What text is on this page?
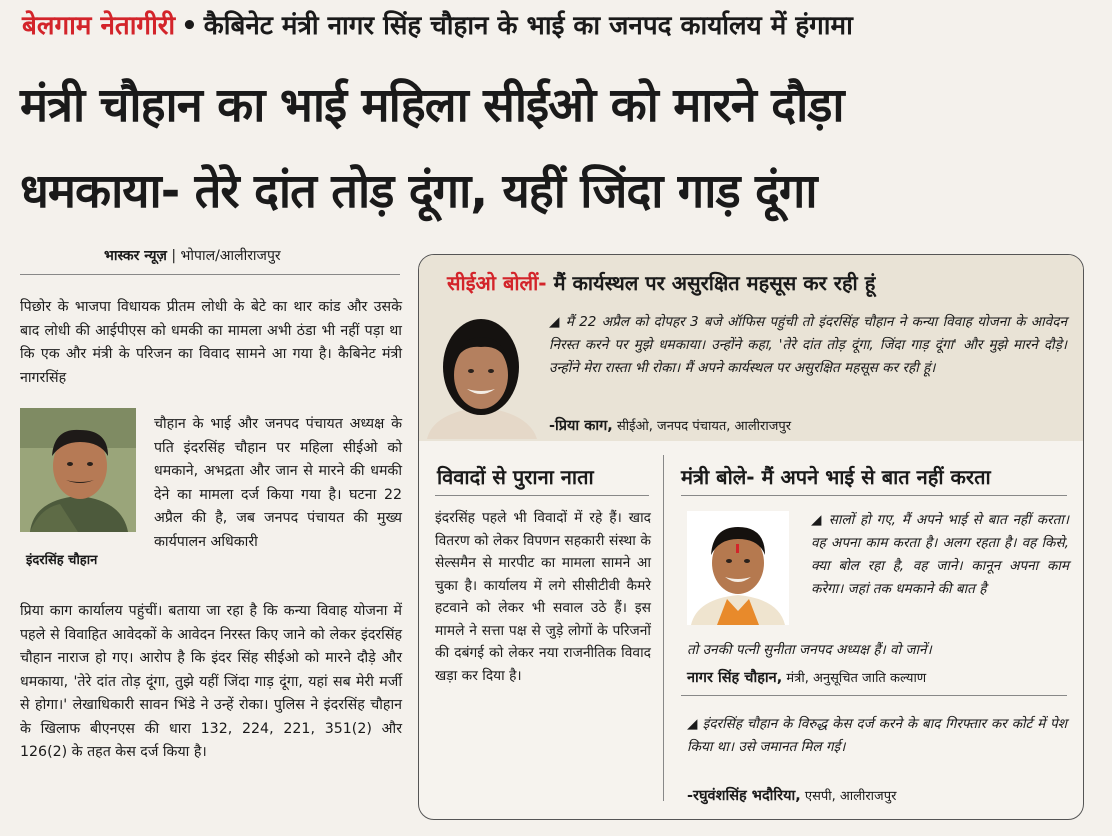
बेलगाम नेतागीरी • कैबिनेट मंत्री नागर सिंह चौहान के भाई का जनपद कार्यालय में हंगामा
मंत्री चौहान का भाई महिला सीईओ को मारने दौड़ा
धमकाया- तेरे दांत तोड़ दूंगा, यहीं जिंदा गाड़ दूंगा
भास्कर न्यूज़ | भोपाल/आलीराजपुर
पिछोर के भाजपा विधायक प्रीतम लोधी के बेटे का थार कांड और उसके बाद लोधी की आईपीएस को धमकी का मामला अभी ठंडा भी नहीं पड़ा था कि एक और मंत्री के परिजन का विवाद सामने आ गया है। कैबिनेट मंत्री नागरसिंह
इंदरसिंह चौहान
चौहान के भाई और जनपद पंचायत अध्यक्ष के पति इंदरसिंह चौहान पर महिला सीईओ को धमकाने, अभद्रता और जान से मारने की धमकी देने का मामला दर्ज किया गया है। घटना 22 अप्रैल की है, जब जनपद पंचायत की मुख्य कार्यपालन अधिकारी
प्रिया काग कार्यालय पहुंचीं। बताया जा रहा है कि कन्या विवाह योजना में पहले से विवाहित आवेदकों के आवेदन निरस्त किए जाने को लेकर इंदरसिंह चौहान नाराज हो गए। आरोप है कि इंदर सिंह सीईओ को मारने दौड़े और धमकाया, 'तेरे दांत तोड़ दूंगा, तुझे यहीं जिंदा गाड़ दूंगा, यहां सब मेरी मर्जी से होगा।' लेखाधिकारी सावन भिंडे ने उन्हें रोका। पुलिस ने इंदरसिंह चौहान के खिलाफ बीएनएस की धारा 132, 224, 221, 351(2) और 126(2) के तहत केस दर्ज किया है।
सीईओ बोलीं- मैं कार्यस्थल पर असुरक्षित महसूस कर रही हूं
◢ मैं 22 अप्रैल को दोपहर 3 बजे ऑफिस पहुंची तो इंदरसिंह चौहान ने कन्या विवाह योजना के आवेदन निरस्त करने पर मुझे धमकाया। उन्होंने कहा, 'तेरे दांत तोड़ दूंगा, जिंदा गाड़ दूंगा' और मुझे मारने दौड़े। उन्होंने मेरा रास्ता भी रोका। मैं अपने कार्यस्थल पर असुरक्षित महसूस कर रही हूं।
-प्रिया काग, सीईओ, जनपद पंचायत, आलीराजपुर
विवादों से पुराना नाता
इंदरसिंह पहले भी विवादों में रहे हैं। खाद वितरण को लेकर विपणन सहकारी संस्था के सेल्समैन से मारपीट का मामला सामने आ चुका है। कार्यालय में लगे सीसीटीवी कैमरे हटवाने को लेकर भी सवाल उठे हैं। इस मामले ने सत्ता पक्ष से जुड़े लोगों के परिजनों की दबंगई को लेकर नया राजनीतिक विवाद खड़ा कर दिया है।
मंत्री बोले- मैं अपने भाई से बात नहीं करता
◢ सालों हो गए, मैं अपने भाई से बात नहीं करता। वह अपना काम करता है। अलग रहता है। वह किसे, क्या बोल रहा है, वह जाने। कानून अपना काम करेगा। जहां तक धमकाने की बात है
तो उनकी पत्नी सुनीता जनपद अध्यक्ष हैं। वो जानें।
नागर सिंह चौहान, मंत्री, अनुसूचित जाति कल्याण
◢ इंदरसिंह चौहान के विरुद्ध केस दर्ज करने के बाद गिरफ्तार कर कोर्ट में पेश किया था। उसे जमानत मिल गई।
-रघुवंशसिंह भदौरिया, एसपी, आलीराजपुर
